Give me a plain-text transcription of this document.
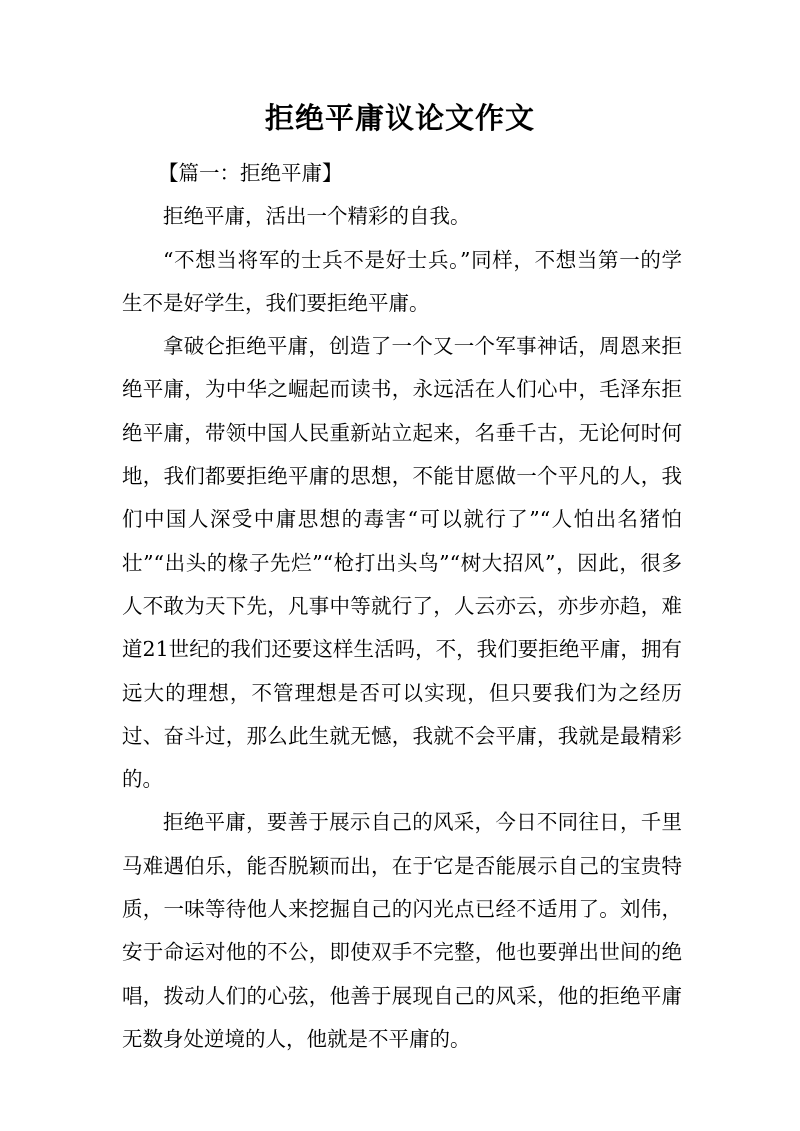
拒绝平庸议论文作文

【篇一：拒绝平庸】

拒绝平庸，活出一个精彩的自我。

“不想当将军的士兵不是好士兵。”同样，不想当第一的学生不是好学生，我们要拒绝平庸。

拿破仑拒绝平庸，创造了一个又一个军事神话，周恩来拒绝平庸，为中华之崛起而读书，永远活在人们心中，毛泽东拒绝平庸，带领中国人民重新站立起来，名垂千古，无论何时何地，我们都要拒绝平庸的思想，不能甘愿做一个平凡的人，我们中国人深受中庸思想的毒害“可以就行了”“人怕出名猪怕壮”“出头的椽子先烂”“枪打出头鸟”“树大招风”，因此，很多人不敢为天下先，凡事中等就行了，人云亦云，亦步亦趋，难道21世纪的我们还要这样生活吗，不，我们要拒绝平庸，拥有远大的理想，不管理想是否可以实现，但只要我们为之经历过、奋斗过，那么此生就无憾，我就不会平庸，我就是最精彩的。

拒绝平庸，要善于展示自己的风采，今日不同往日，千里马难遇伯乐，能否脱颖而出，在于它是否能展示自己的宝贵特质，一味等待他人来挖掘自己的闪光点已经不适用了。刘伟，安于命运对他的不公，即使双手不完整，他也要弹出世间的绝唱，拨动人们的心弦，他善于展现自己的风采，他的拒绝平庸无数身处逆境的人，他就是不平庸的。
